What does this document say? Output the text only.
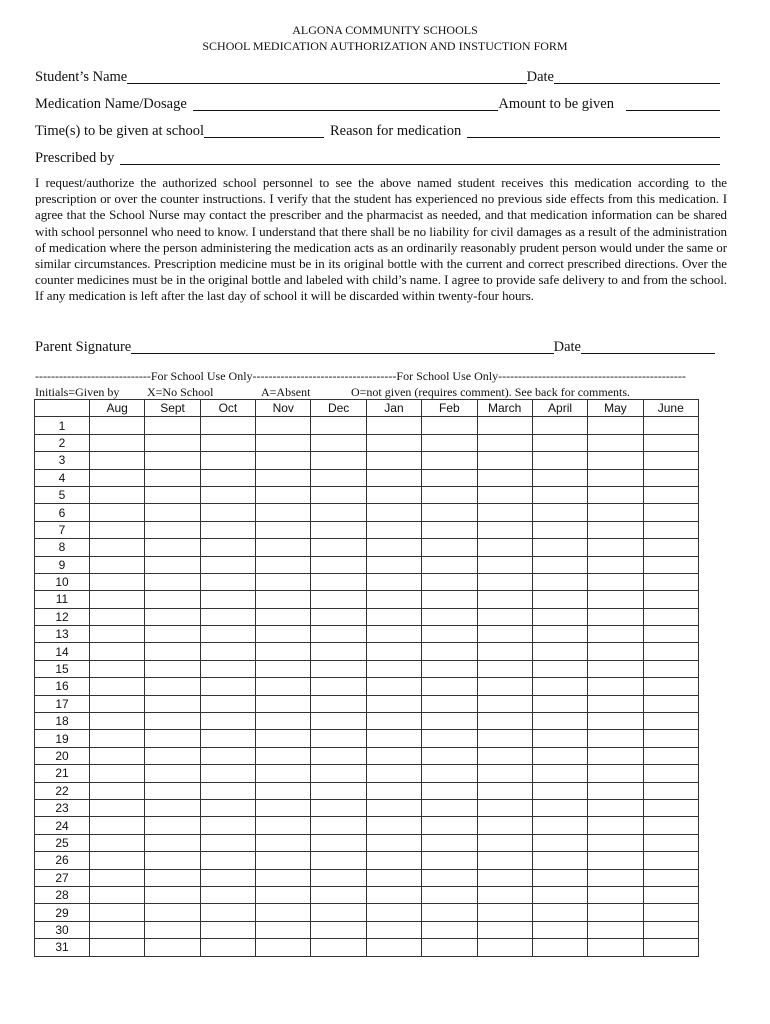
ALGONA COMMUNITY SCHOOLS
SCHOOL MEDICATION AUTHORIZATION AND INSTUCTION FORM
Student’s Name	Date
Medication Name/Dosage	Amount to be given
Time(s) to be given at school	Reason for medication
Prescribed by
I request/authorize the authorized school personnel to see the above named student receives this medication according to the prescription or over the counter instructions. I verify that the student has experienced no previous side effects from this medication. I agree that the School Nurse may contact the prescriber and the pharmacist as needed, and that medication information can be shared with school personnel who need to know. I understand that there shall be no liability for civil damages as a result of the administration of medication where the person administering the medication acts as an ordinarily reasonably prudent person would under the same or similar circumstances. Prescription medicine must be in its original bottle with the current and correct prescribed directions. Over the counter medicines must be in the original bottle and labeled with child’s name. I agree to provide safe delivery to and from the school. If any medication is left after the last day of school it will be discarded within twenty-four hours.
Parent Signature	Date
-----------------------------For School Use Only------------------------------------For School Use Only-----------------------------------------------
Initials=Given by X=No School	A=Absent	O=not given (requires comment). See back for comments.
	Aug	Sept	Oct	Nov	Dec	Jan	Feb	March	April	May	June
1											
2											
3											
4											
5											
6											
7											
8											
9											
10											
11											
12											
13											
14											
15											
16											
17											
18											
19											
20											
21											
22											
23											
24											
25											
26											
27											
28											
29											
30											
31											
